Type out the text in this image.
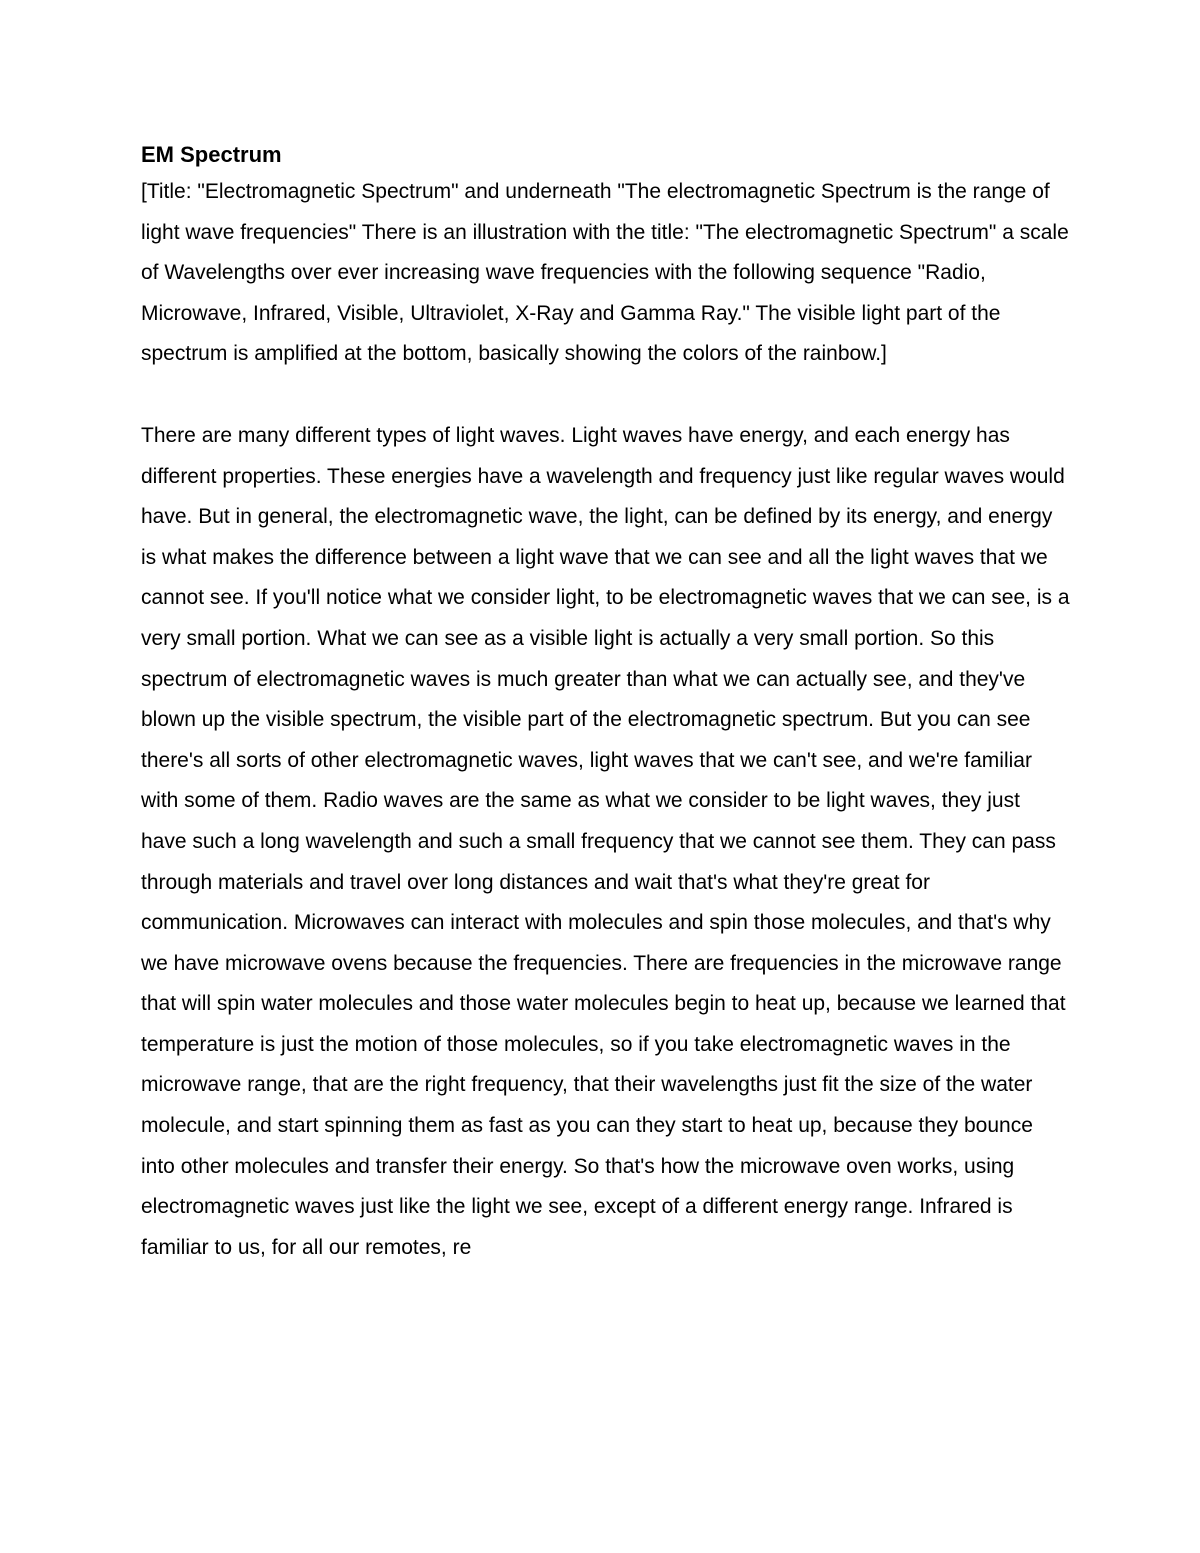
EM Spectrum

[Title: "Electromagnetic Spectrum" and underneath "The electromagnetic Spectrum is the range of light wave frequencies" There is an illustration with the title: "The electromagnetic Spectrum" a scale of Wavelengths over ever increasing wave frequencies with the following sequence "Radio, Microwave, Infrared, Visible, Ultraviolet, X-Ray and Gamma Ray." The visible light part of the spectrum is amplified at the bottom, basically showing the colors of the rainbow.]

There are many different types of light waves. Light waves have energy, and each energy has different properties. These energies have a wavelength and frequency just like regular waves would have. But in general, the electromagnetic wave, the light, can be defined by its energy, and energy is what makes the difference between a light wave that we can see and all the light waves that we cannot see. If you'll notice what we consider light, to be electromagnetic waves that we can see, is a very small portion. What we can see as a visible light is actually a very small portion. So this spectrum of electromagnetic waves is much greater than what we can actually see, and they've blown up the visible spectrum, the visible part of the electromagnetic spectrum. But you can see there's all sorts of other electromagnetic waves, light waves that we can't see, and we're familiar with some of them. Radio waves are the same as what we consider to be light waves, they just have such a long wavelength and such a small frequency that we cannot see them. They can pass through materials and travel over long distances and wait that's what they're great for communication. Microwaves can interact with molecules and spin those molecules, and that's why we have microwave ovens because the frequencies. There are frequencies in the microwave range that will spin water molecules and those water molecules begin to heat up, because we learned that temperature is just the motion of those molecules, so if you take electromagnetic waves in the microwave range, that are the right frequency, that their wavelengths just fit the size of the water molecule, and start spinning them as fast as you can they start to heat up, because they bounce into other molecules and transfer their energy. So that's how the microwave oven works, using electromagnetic waves just like the light we see, except of a different energy range. Infrared is familiar to us, for all our remotes, re
